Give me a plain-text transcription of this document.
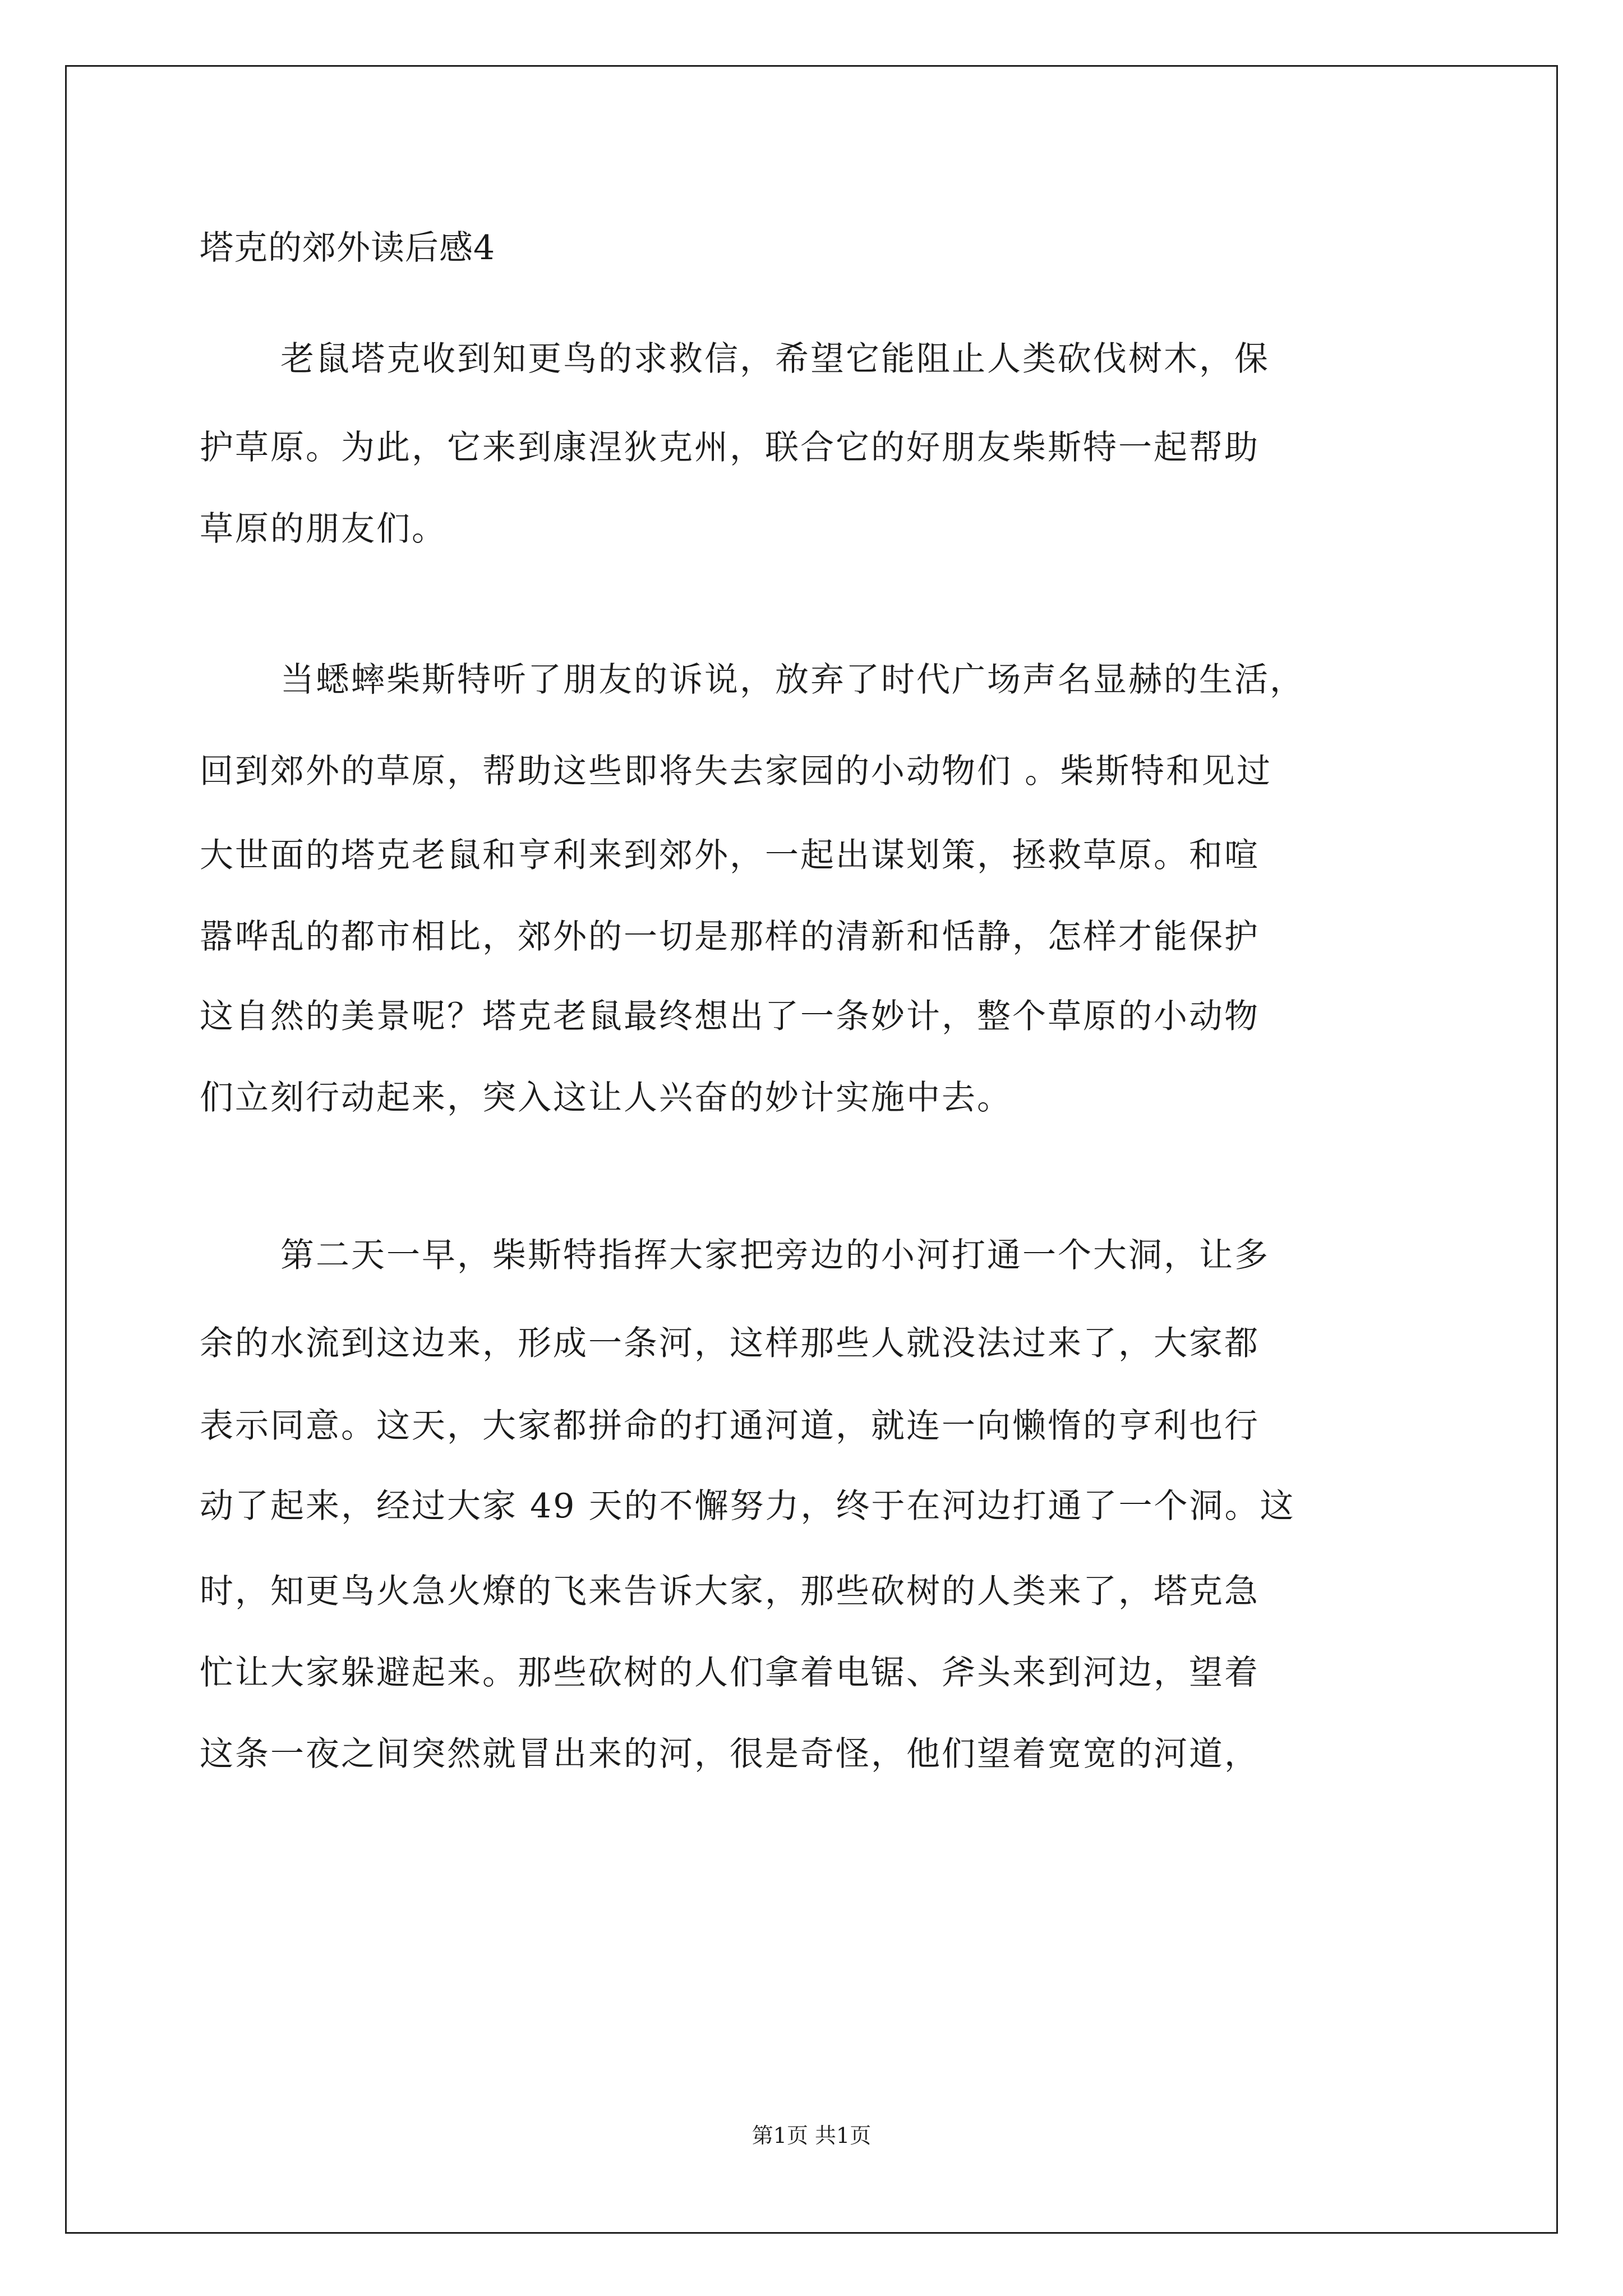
塔克的郊外读后感4
老鼠塔克收到知更鸟的求救信，希望它能阻止人类砍伐树木，保
护草原。为此，它来到康涅狄克州，联合它的好朋友柴斯特一起帮助
草原的朋友们。
当蟋蟀柴斯特听了朋友的诉说，放弃了时代广场声名显赫的生活，
回到郊外的草原，帮助这些即将失去家园的小动物们 。柴斯特和见过
大世面的塔克老鼠和亨利来到郊外，一起出谋划策，拯救草原。和喧
嚣哗乱的都市相比，郊外的一切是那样的清新和恬静，怎样才能保护
这自然的美景呢？塔克老鼠最终想出了一条妙计，整个草原的小动物
们立刻行动起来，突入这让人兴奋的妙计实施中去。
第二天一早，柴斯特指挥大家把旁边的小河打通一个大洞，让多
余的水流到这边来，形成一条河，这样那些人就没法过来了，大家都
表示同意。这天，大家都拼命的打通河道，就连一向懒惰的亨利也行
动了起来，经过大家 49 天的不懈努力，终于在河边打通了一个洞。这
时，知更鸟火急火燎的飞来告诉大家，那些砍树的人类来了，塔克急
忙让大家躲避起来。那些砍树的人们拿着电锯、斧头来到河边，望着
这条一夜之间突然就冒出来的河，很是奇怪，他们望着宽宽的河道，
第1页 共1页
